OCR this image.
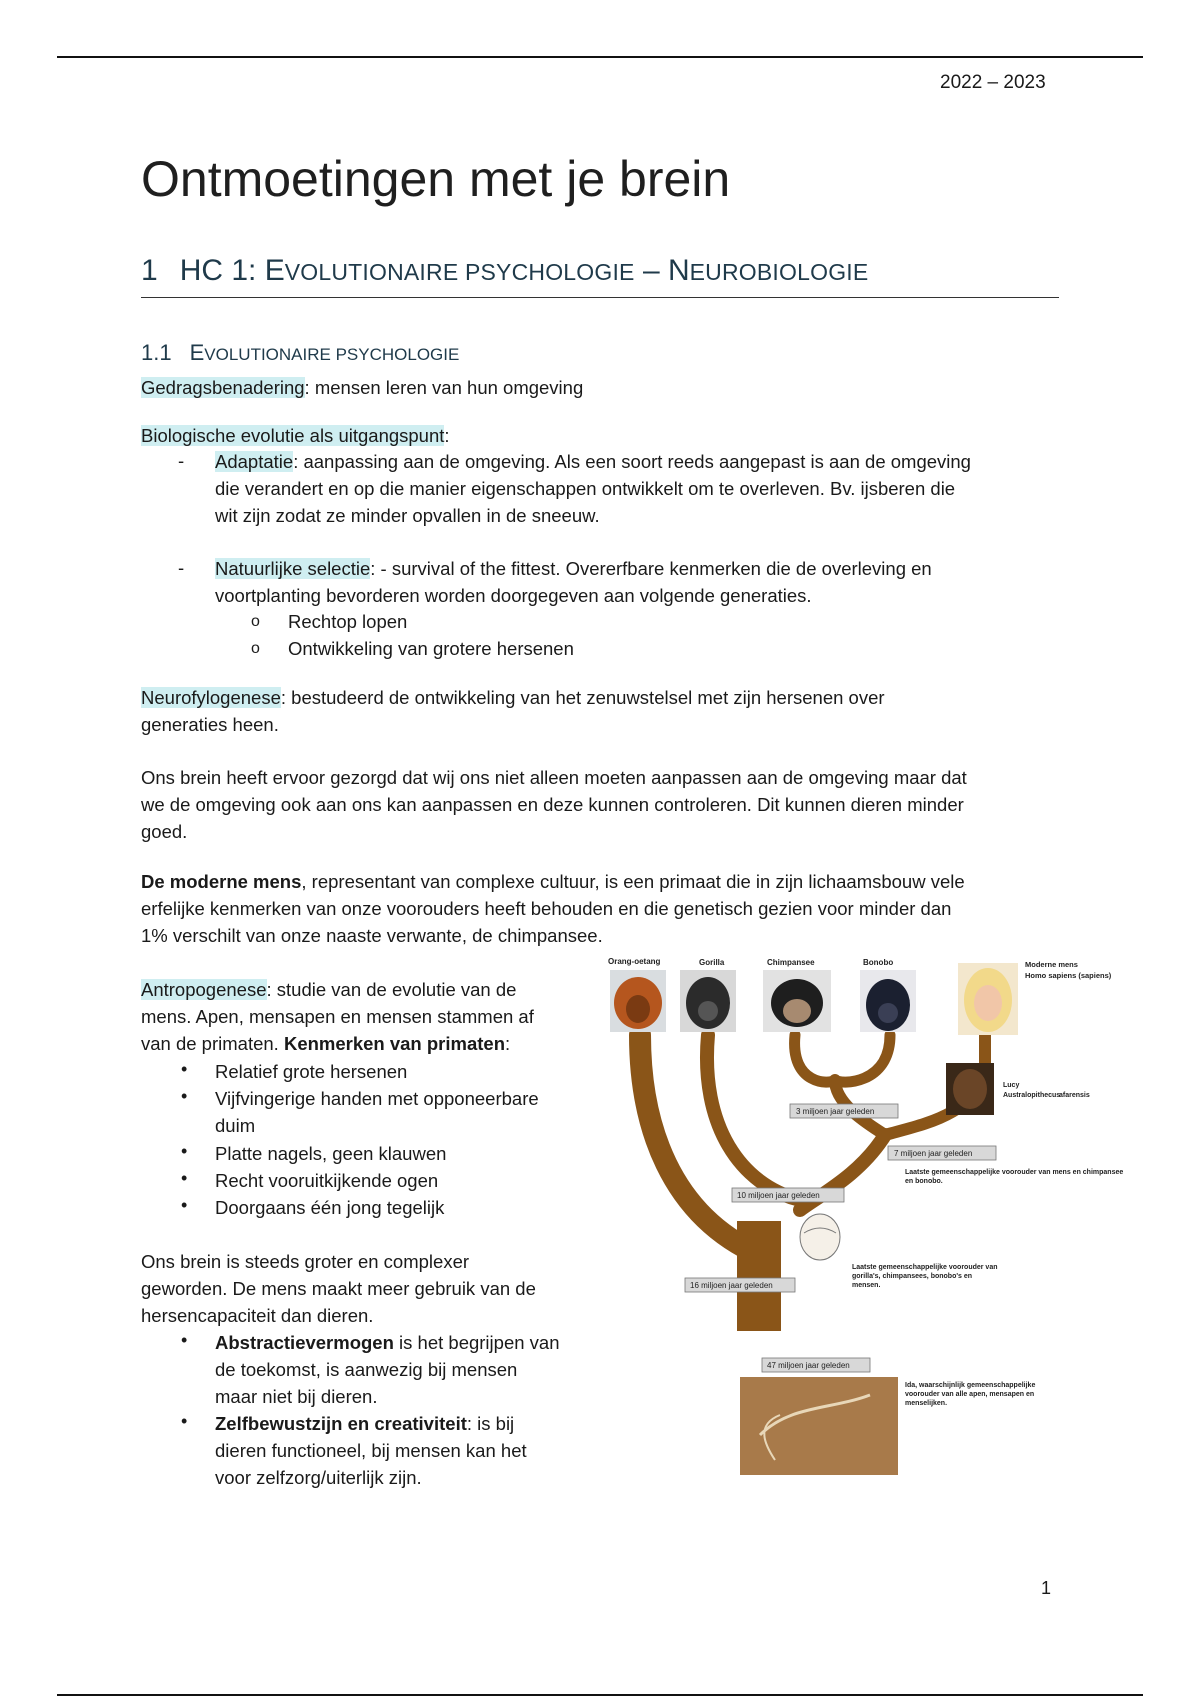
2022 – 2023
Ontmoetingen met je brein
1 HC 1: EVOLUTIONAIRE PSYCHOLOGIE – NEUROBIOLOGIE
1.1 EVOLUTIONAIRE PSYCHOLOGIE

Gedragsbenadering: mensen leren van hun omgeving

Biologische evolutie als uitgangspunt:

- Adaptatie: aanpassing aan de omgeving. Als een soort reeds aangepast is aan de omgeving
die verandert en op die manier eigenschappen ontwikkelt om te overleven. Bv. ijsberen die
wit zijn zodat ze minder opvallen in de sneeuw.
- Natuurlijke selectie: - survival of the fittest. Overerfbare kenmerken die de overleving en
voortplanting bevorderen worden doorgegeven aan volgende generaties.
o Rechtop lopen
o Ontwikkeling van grotere hersenen
Neurofylogenese: bestudeerd de ontwikkeling van het zenuwstelsel met zijn hersenen over
generaties heen.
Ons brein heeft ervoor gezorgd dat wij ons niet alleen moeten aanpassen aan de omgeving maar dat
we de omgeving ook aan ons kan aanpassen en deze kunnen controleren. Dit kunnen dieren minder
goed.
De moderne mens, representant van complexe cultuur, is een primaat die in zijn lichaamsbouw vele
erfelijke kenmerken van onze voorouders heeft behouden en die genetisch gezien voor minder dan
1% verschilt van onze naaste verwante, de chimpansee.
Antropogenese: studie van de evolutie van de
mens. Apen, mensapen en mensen stammen af
van de primaten. Kenmerken van primaten:
• Relatief grote hersenen
• Vijfvingerige handen met opponeerbare
duim
• Platte nagels, geen klauwen
• Recht vooruitkijkende ogen
• Doorgaans één jong tegelijk
Ons brein is steeds groter en complexer
geworden. De mens maakt meer gebruik van de
hersencapaciteit dan dieren.
• Abstractievermogen is het begrijpen van
de toekomst, is aanwezig bij mensen
maar niet bij dieren.
• Zelfbewustzijn en creativiteit: is bij
dieren functioneel, bij mensen kan het
voor zelfzorg/uiterlijk zijn.
Orang-oetang	Gorilla	Chimpansee	Bonobo	Moderne mens
Homo sapiens (sapiens)
Lucy
Australopithecus
afarensis
3 miljoen jaar geleden
7 miljoen jaar geleden
10 miljoen jaar geleden
16 miljoen jaar geleden
47 miljoen jaar geleden
Laatste gemeenschappelijke voorouder van mens en chimpansee en bonobo.
Laatste gemeenschappelijke voorouder van gorilla's, chimpansees, bonobo's en mensen.
Ida, waarschijnlijk gemeenschappelijke voorouder van alle apen, mensapen en menselijken.
1
